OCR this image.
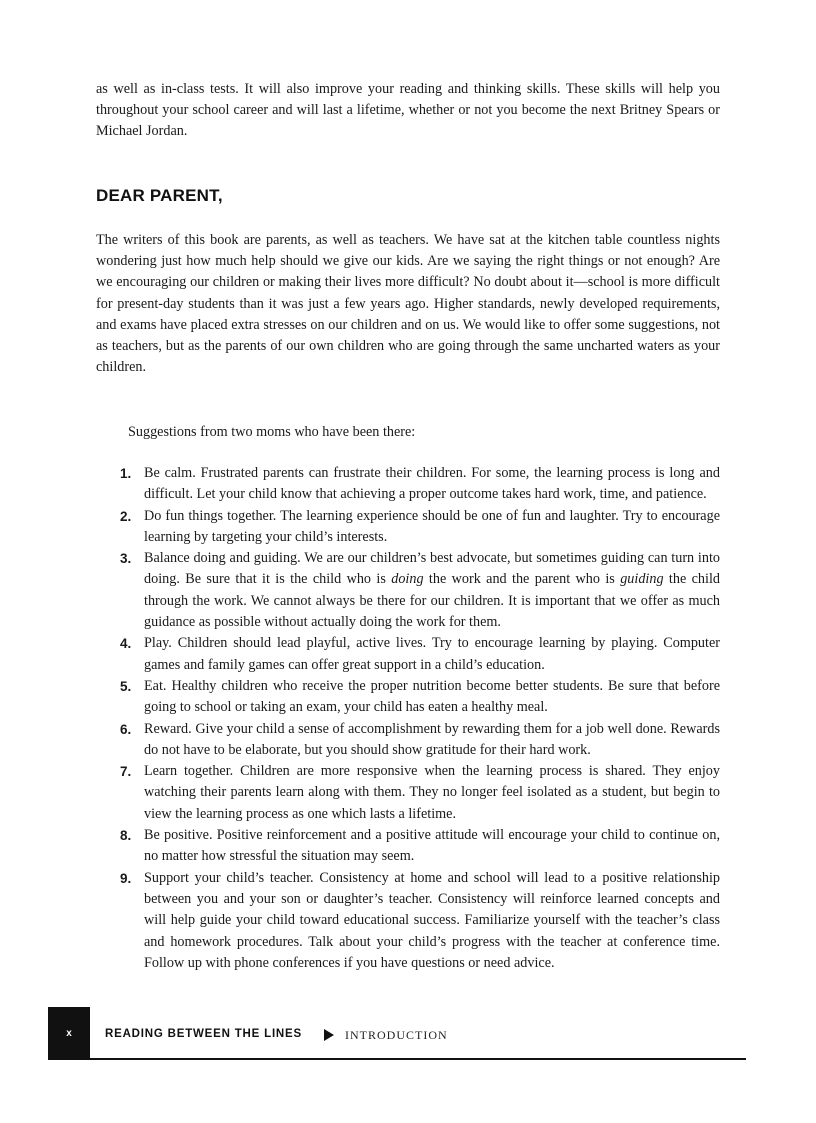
as well as in-class tests. It will also improve your reading and thinking skills. These skills will help you throughout your school career and will last a lifetime, whether or not you become the next Britney Spears or Michael Jordan.

DEAR PARENT,

The writers of this book are parents, as well as teachers. We have sat at the kitchen table countless nights wondering just how much help should we give our kids. Are we saying the right things or not enough? Are we encouraging our children or making their lives more difficult? No doubt about it—school is more difficult for present-day students than it was just a few years ago. Higher standards, newly developed requirements, and exams have placed extra stresses on our children and on us. We would like to offer some suggestions, not as teachers, but as the parents of our own children who are going through the same uncharted waters as your children.

Suggestions from two moms who have been there:

1. Be calm. Frustrated parents can frustrate their children. For some, the learning process is long and difficult. Let your child know that achieving a proper outcome takes hard work, time, and patience.
2. Do fun things together. The learning experience should be one of fun and laughter. Try to encourage learning by targeting your child’s interests.
3. Balance doing and guiding. We are our children’s best advocate, but sometimes guiding can turn into doing. Be sure that it is the child who is doing the work and the parent who is guiding the child through the work. We cannot always be there for our children. It is important that we offer as much guidance as possible without actually doing the work for them.
4. Play. Children should lead playful, active lives. Try to encourage learning by playing. Computer games and family games can offer great support in a child’s education.
5. Eat. Healthy children who receive the proper nutrition become better students. Be sure that before going to school or taking an exam, your child has eaten a healthy meal.
6. Reward. Give your child a sense of accomplishment by rewarding them for a job well done. Rewards do not have to be elaborate, but you should show gratitude for their hard work.
7. Learn together. Children are more responsive when the learning process is shared. They enjoy watching their parents learn along with them. They no longer feel isolated as a student, but begin to view the learning process as one which lasts a lifetime.
8. Be positive. Positive reinforcement and a positive attitude will encourage your child to continue on, no matter how stressful the situation may seem.
9. Support your child’s teacher. Consistency at home and school will lead to a positive relationship between you and your son or daughter’s teacher. Consistency will reinforce learned concepts and will help guide your child toward educational success. Familiarize yourself with the teacher’s class and homework procedures. Talk about your child’s progress with the teacher at conference time. Follow up with phone conferences if you have questions or need advice.
x	READING BETWEEN THE LINES	INTRODUCTION
